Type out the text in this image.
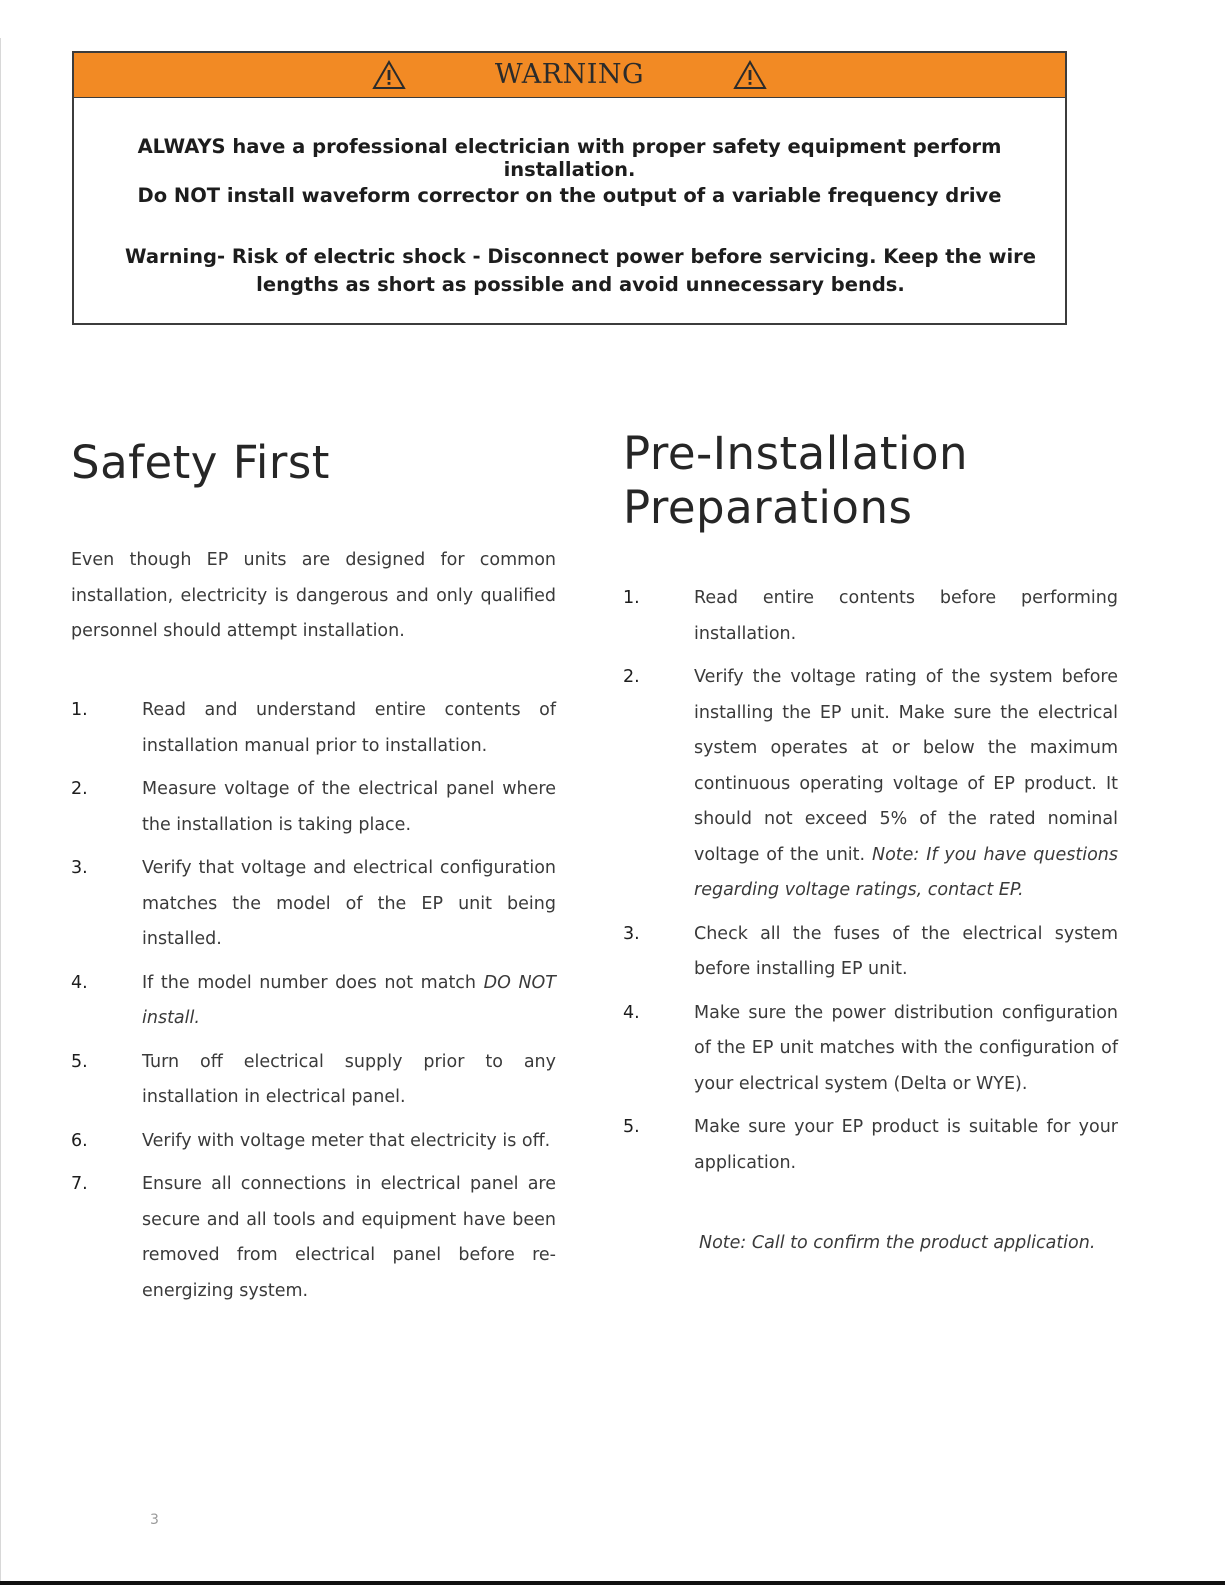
WARNING
ALWAYS have a professional electrician with proper safety equipment perform installation.
Do NOT install waveform corrector on the output of a variable frequency drive
Warning- Risk of electric shock - Disconnect power before servicing. Keep the wire lengths as short as possible and avoid unnecessary bends.
Safety First
Even though EP units are designed for common installation, electricity is dangerous and only qualified personnel should attempt installation.
1.	Read and understand entire contents of installation manual prior to installation.
2.	Measure voltage of the electrical panel where the installation is taking place.
3.	Verify that voltage and electrical configuration matches the model of the EP unit being installed.
4.	If the model number does not match DO NOT install.
5.	Turn off electrical supply prior to any installation in electrical panel.
6.	Verify with voltage meter that electricity is off.
7.	Ensure all connections in electrical panel are secure and all tools and equipment have been removed from electrical panel before re-energizing system.
Pre-Installation Preparations
1.	Read entire contents before performing installation.
2.	Verify the voltage rating of the system before installing the EP unit. Make sure the electrical system operates at or below the maximum continuous operating voltage of EP product. It should not exceed 5% of the rated nominal voltage of the unit. Note: If you have questions regarding voltage ratings, contact EP.
3.	Check all the fuses of the electrical system before installing EP unit.
4.	Make sure the power distribution configuration of the EP unit matches with the configuration of your electrical system (Delta or WYE).
5.	Make sure your EP product is suitable for your application.
Note: Call to confirm the product application.
3
